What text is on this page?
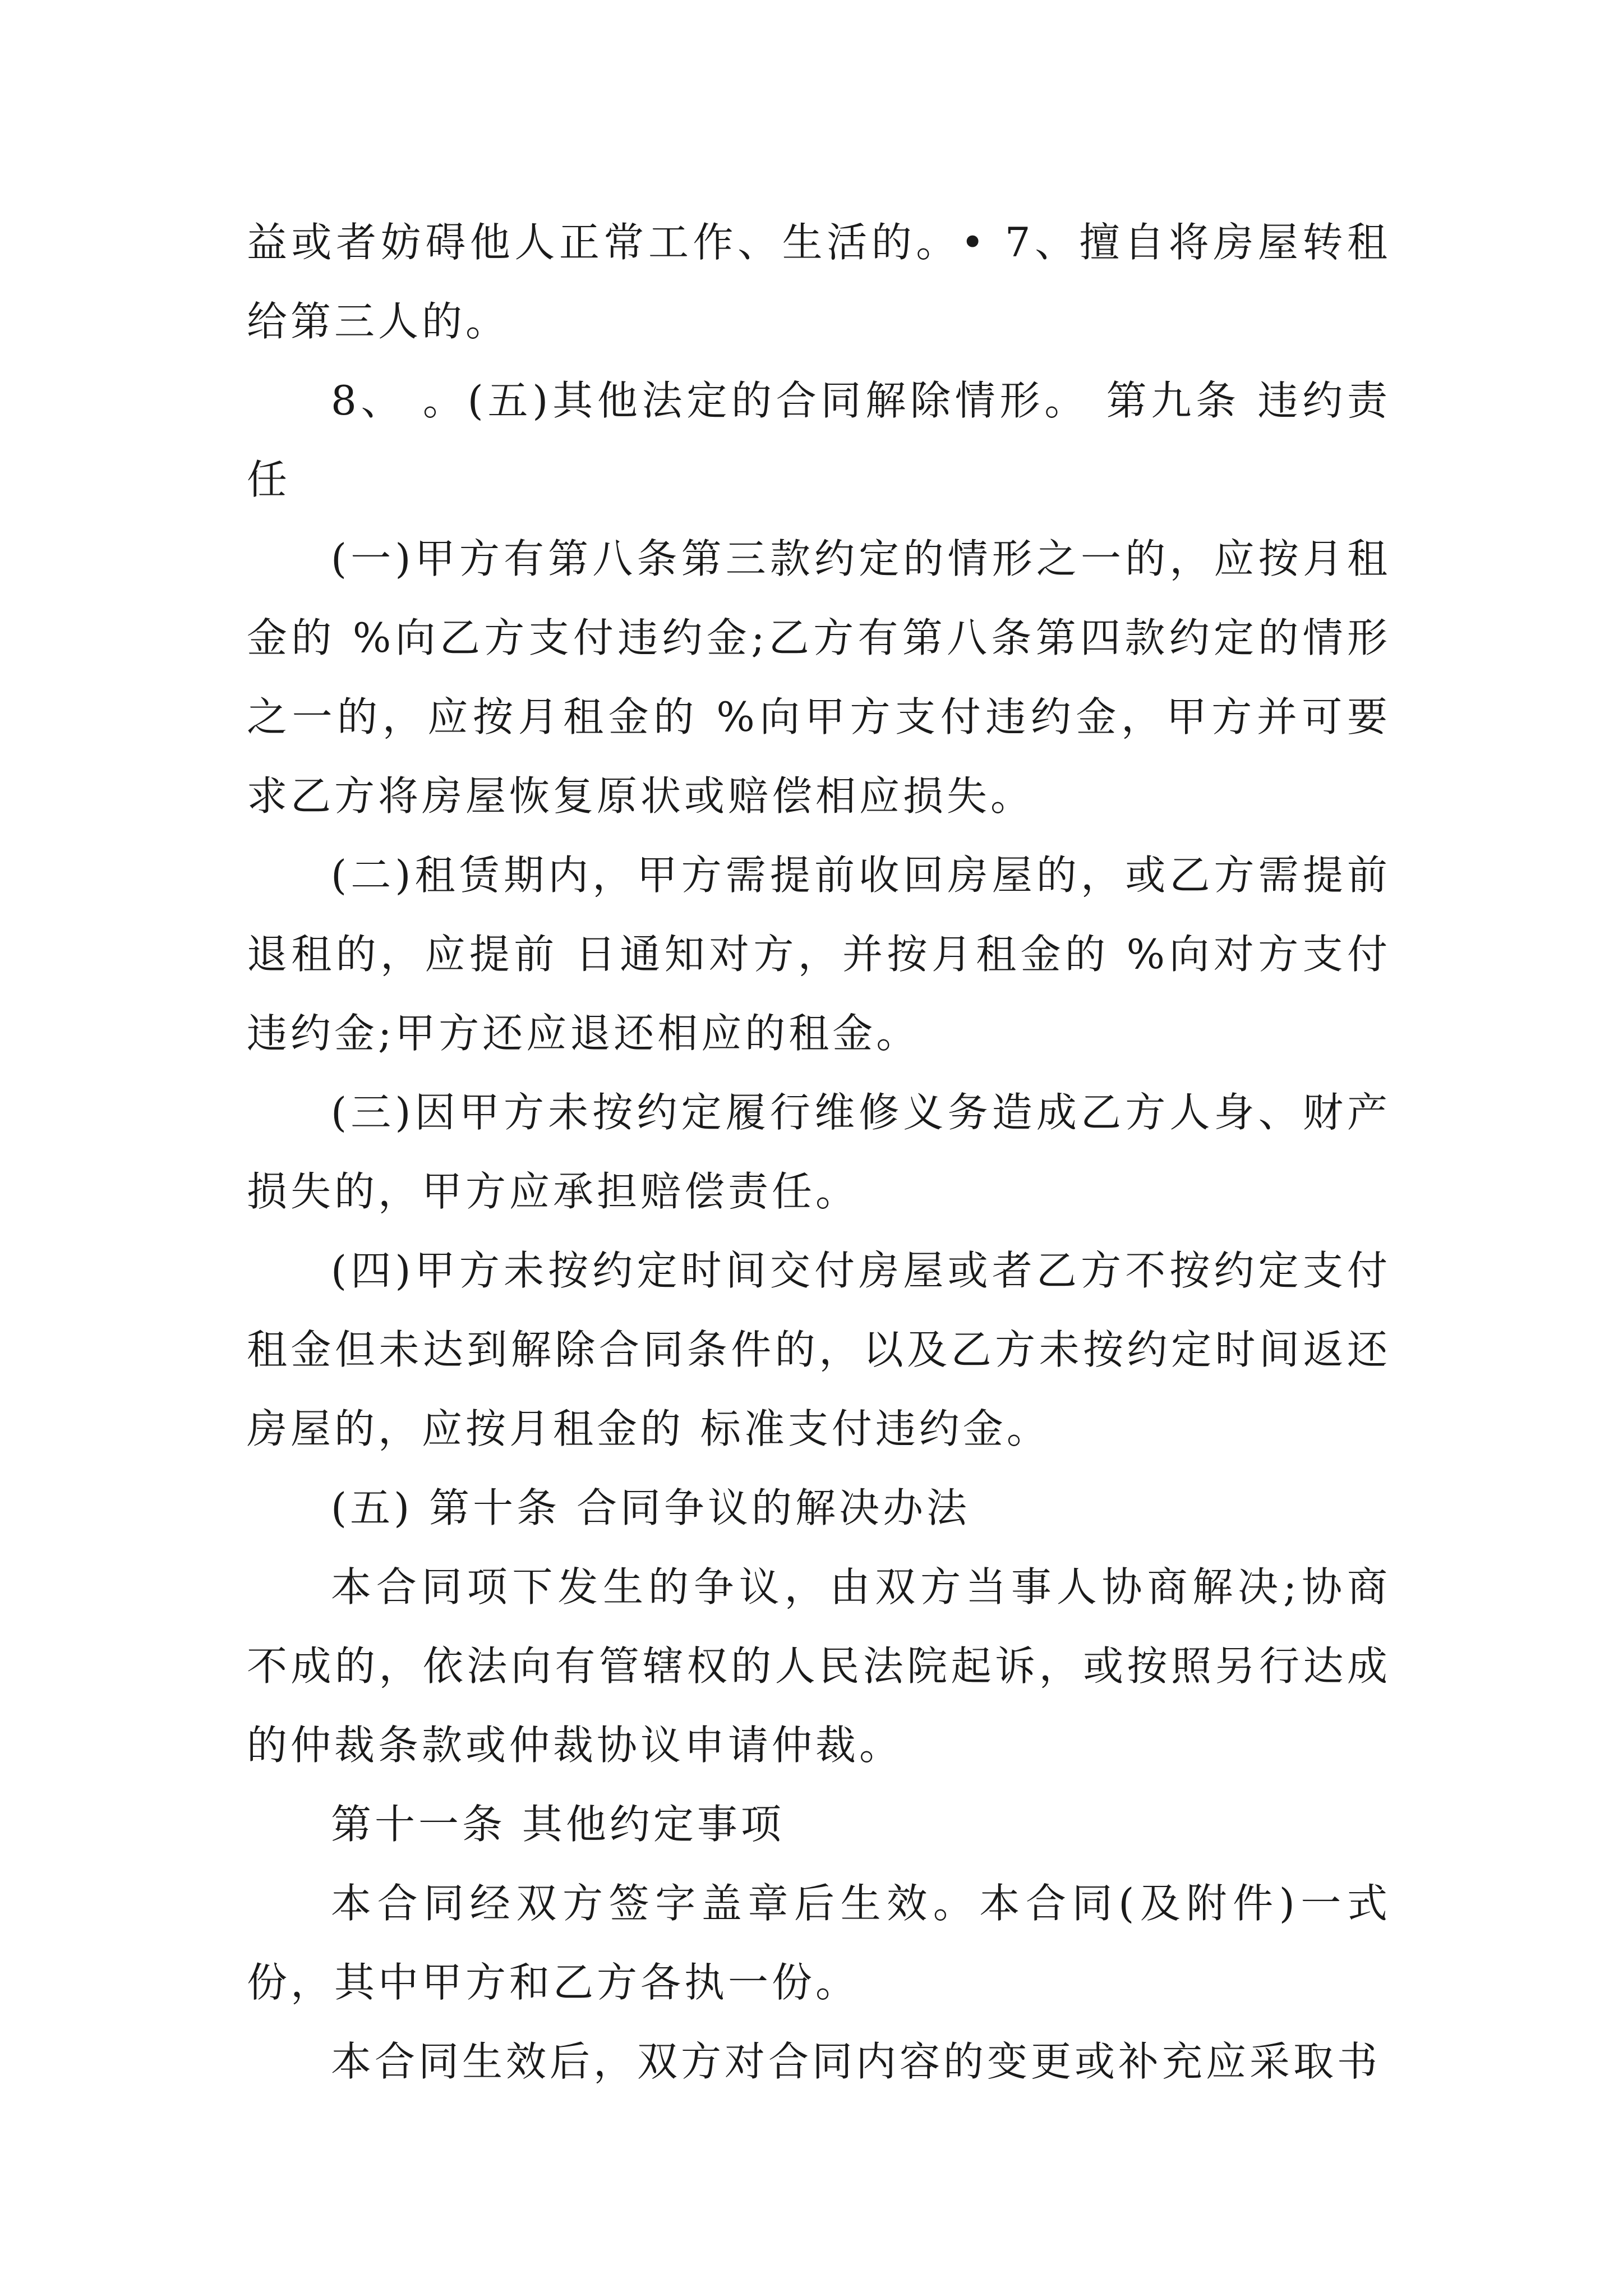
益或者妨碍他人正常工作、生活的。• 7、擅自将房屋转租给第三人的。

8、 。(五)其他法定的合同解除情形。 第九条 违约责任

(一)甲方有第八条第三款约定的情形之一的，应按月租金的 %向乙方支付违约金;乙方有第八条第四款约定的情形之一的，应按月租金的 %向甲方支付违约金，甲方并可要求乙方将房屋恢复原状或赔偿相应损失。

(二)租赁期内，甲方需提前收回房屋的，或乙方需提前退租的，应提前 日通知对方，并按月租金的 %向对方支付违约金;甲方还应退还相应的租金。

(三)因甲方未按约定履行维修义务造成乙方人身、财产损失的，甲方应承担赔偿责任。

(四)甲方未按约定时间交付房屋或者乙方不按约定支付租金但未达到解除合同条件的，以及乙方未按约定时间返还房屋的，应按月租金的 标准支付违约金。

(五) 第十条 合同争议的解决办法

本合同项下发生的争议，由双方当事人协商解决;协商不成的，依法向有管辖权的人民法院起诉，或按照另行达成的仲裁条款或仲裁协议申请仲裁。

第十一条 其他约定事项

本合同经双方签字盖章后生效。本合同(及附件)一式份，其中甲方和乙方各执一份。

本合同生效后，双方对合同内容的变更或补充应采取书
